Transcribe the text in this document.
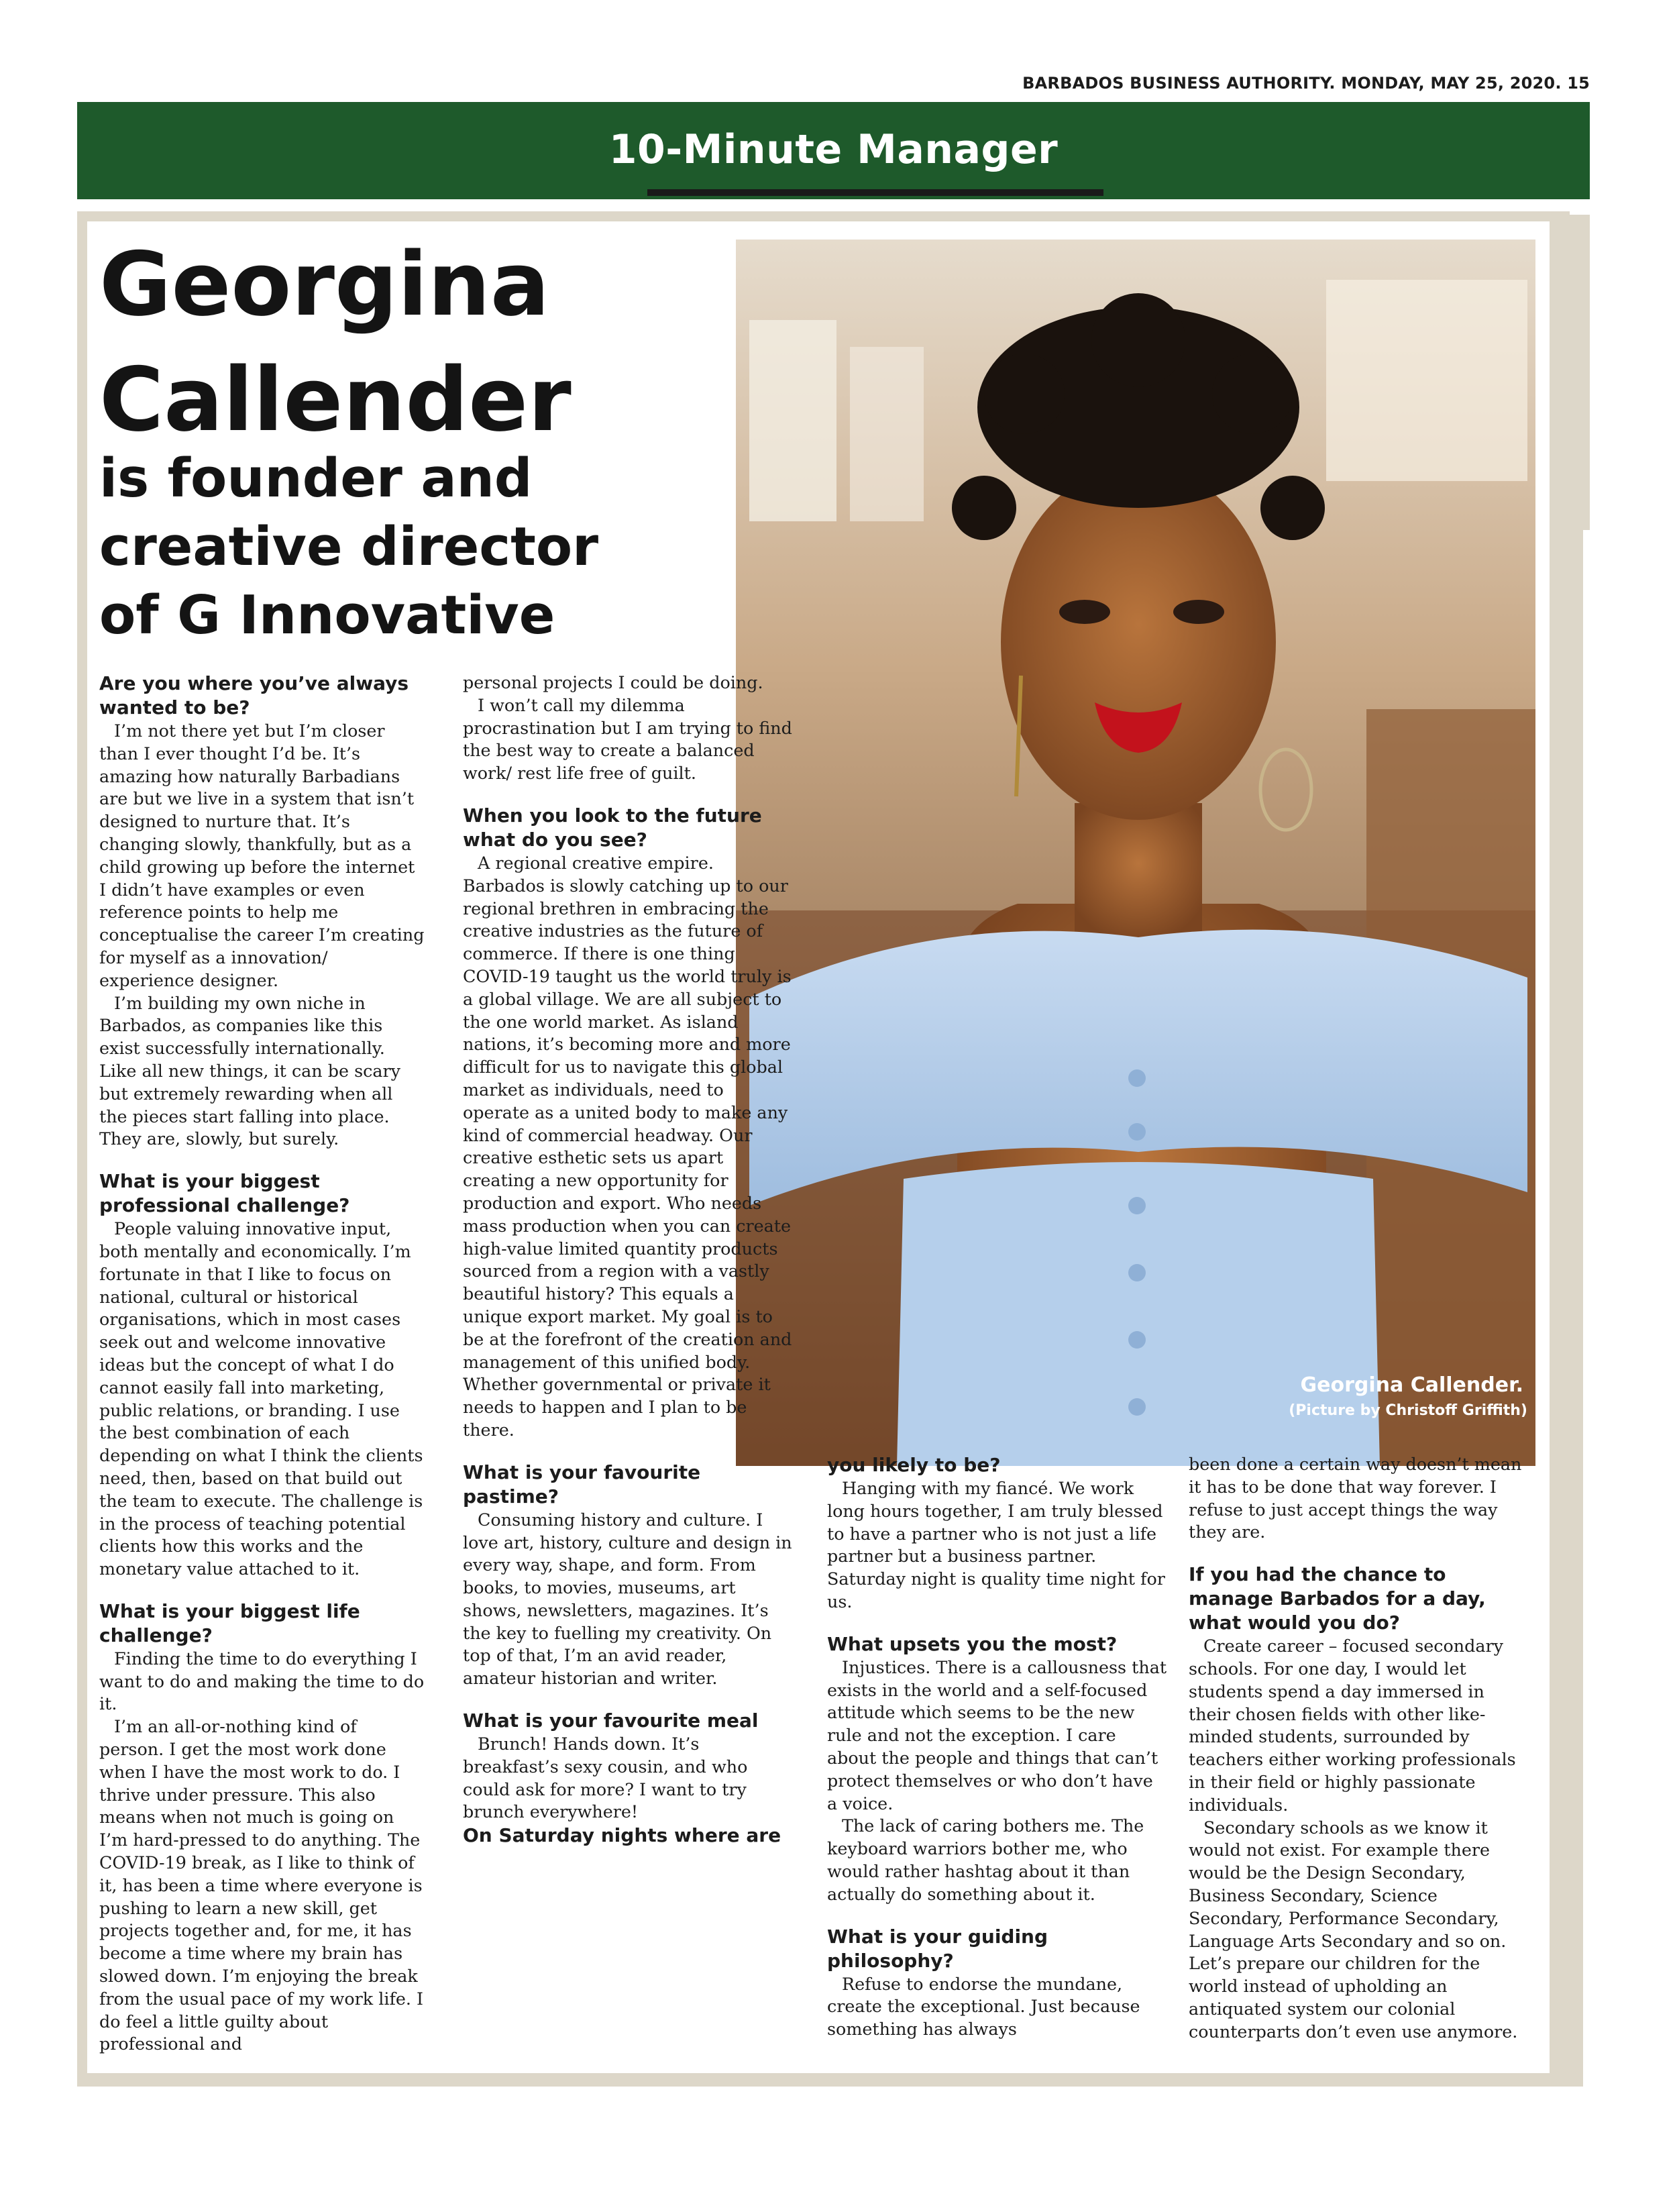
BARBADOS BUSINESS AUTHORITY. MONDAY, MAY 25, 2020. 15
10-Minute Manager
Georgina
Callender
is founder and
creative director
of G Innovative
Georgina Callender.
(Picture by Christoff Griffith)
Are you where you’ve always wanted to be?

I’m not there yet but I’m closer than I ever thought I’d be. It’s amazing how naturally Barbadians are but we live in a system that isn’t designed to nurture that. It’s changing slowly, thankfully, but as a child growing up before the internet I didn’t have examples or even reference points to help me conceptualise the career I’m creating for myself as a innovation/ experience designer.

I’m building my own niche in Barbados, as companies like this exist successfully internationally. Like all new things, it can be scary but extremely rewarding when all the pieces start falling into place. They are, slowly, but surely.

What is your biggest professional challenge?

People valuing innovative input, both mentally and economically. I’m fortunate in that I like to focus on national, cultural or historical organisations, which in most cases seek out and welcome innovative ideas but the concept of what I do cannot easily fall into marketing, public relations, or branding. I use the best combination of each depending on what I think the clients need, then, based on that build out the team to execute. The challenge is in the process of teaching potential clients how this works and the monetary value attached to it.

What is your biggest life challenge?

Finding the time to do everything I want to do and making the time to do it.

I’m an all-or-nothing kind of person. I get the most work done when I have the most work to do. I thrive under pressure. This also means when not much is going on I’m hard-pressed to do anything. The COVID-19 break, as I like to think of it, has been a time where everyone is pushing to learn a new skill, get projects together and, for me, it has become a time where my brain has slowed down. I’m enjoying the break from the usual pace of my work life. I do feel a little guilty about professional and

personal projects I could be doing.

I won’t call my dilemma procrastination but I am trying to find the best way to create a balanced work/ rest life free of guilt.

When you look to the future what do you see?

A regional creative empire. Barbados is slowly catching up to our regional brethren in embracing the creative industries as the future of commerce. If there is one thing COVID-19 taught us the world truly is a global village. We are all subject to the one world market. As island nations, it’s becoming more and more difficult for us to navigate this global market as individuals, need to operate as a united body to make any kind of commercial headway. Our creative esthetic sets us apart creating a new opportunity for production and export. Who needs mass production when you can create high-value limited quantity products sourced from a region with a vastly beautiful history? This equals a unique export market. My goal is to be at the forefront of the creation and management of this unified body. Whether governmental or private it needs to happen and I plan to be there.

What is your favourite pastime?

Consuming history and culture. I love art, history, culture and design in every way, shape, and form. From books, to movies, museums, art shows, newsletters, magazines. It’s the key to fuelling my creativity. On top of that, I’m an avid reader, amateur historian and writer.

What is your favourite meal

Brunch! Hands down. It’s breakfast’s sexy cousin, and who could ask for more? I want to try brunch everywhere!

On Saturday nights where are
you likely to be?

Hanging with my fiancé. We work long hours together, I am truly blessed to have a partner who is not just a life partner but a business partner. Saturday night is quality time night for us.

What upsets you the most?

Injustices. There is a callousness that exists in the world and a self-focused attitude which seems to be the new rule and not the exception. I care about the people and things that can’t protect themselves or who don’t have a voice.

The lack of caring bothers me. The keyboard warriors bother me, who would rather hashtag about it than actually do something about it.

What is your guiding philosophy?

Refuse to endorse the mundane, create the exceptional. Just because something has always

been done a certain way doesn’t mean it has to be done that way forever. I refuse to just accept things the way they are.

If you had the chance to manage Barbados for a day, what would you do?

Create career – focused secondary schools. For one day, I would let students spend a day immersed in their chosen fields with other like-minded students, surrounded by teachers either working professionals in their field or highly passionate individuals.

Secondary schools as we know it would not exist. For example there would be the Design Secondary, Business Secondary, Science Secondary, Performance Secondary, Language Arts Secondary and so on. Let’s prepare our children for the world instead of upholding an antiquated system our colonial counterparts don’t even use anymore.
